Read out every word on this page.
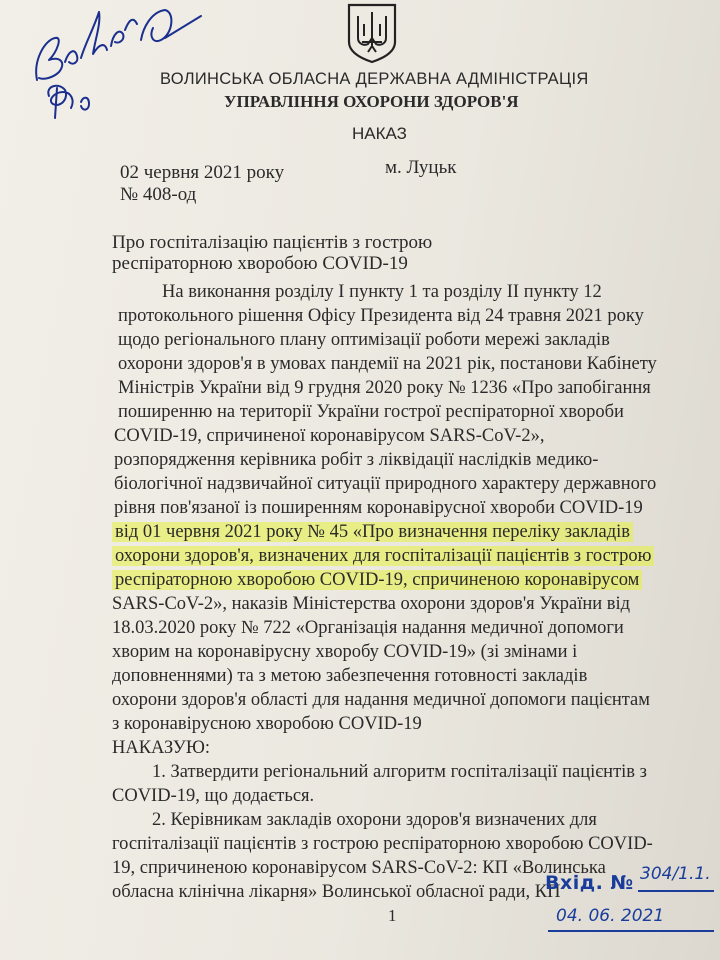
ВОЛИНСЬКА ОБЛАСНА ДЕРЖАВНА АДМІНІСТРАЦІЯ
УПРАВЛІННЯ ОХОРОНИ ЗДОРОВ'Я
НАКАЗ
02 червня 2021 року	м. Луцьк
№ 408-од
Про госпіталізацію пацієнтів з гострою
респіраторною хворобою COVID-19
На виконання розділу І пункту 1 та розділу ІІ пункту 12
протокольного рішення Офісу Президента від 24 травня 2021 року
щодо регіонального плану оптимізації роботи мережі закладів
охорони здоров'я в умовах пандемії на 2021 рік, постанови Кабінету
Міністрів України від 9 грудня 2020 року № 1236 «Про запобігання
поширенню на території України гострої респіраторної хвороби
COVID-19, спричиненої коронавірусом SARS-CoV-2»,
розпорядження керівника робіт з ліквідації наслідків медико-
біологічної надзвичайної ситуації природного характеру державного
рівня пов'язаної із поширенням коронавірусної хвороби COVID-19
від 01 червня 2021 року № 45 «Про визначення переліку закладів
охорони здоров'я, визначених для госпіталізації пацієнтів з гострою
респіраторною хворобою COVID-19, спричиненою коронавірусом
SARS-CoV-2», наказів Міністерства охорони здоров'я України від
18.03.2020 року № 722 «Організація надання медичної допомоги
хворим на коронавірусну хворобу COVID-19» (зі змінами і
доповненнями) та з метою забезпечення готовності закладів
охорони здоров'я області для надання медичної допомоги пацієнтам
з коронавірусною хворобою COVID-19
НАКАЗУЮ:
1. Затвердити регіональний алгоритм госпіталізації пацієнтів з
COVID-19, що додається.
2. Керівникам закладів охорони здоров'я визначених для
госпіталізації пацієнтів з гострою респіраторною хворобою COVID-
19, спричиненою коронавірусом SARS-CoV-2: КП «Волинська
обласна клінічна лікарня» Волинської обласної ради, КП
1
Вхід. № 304/1.1.
04. 06. 2021
